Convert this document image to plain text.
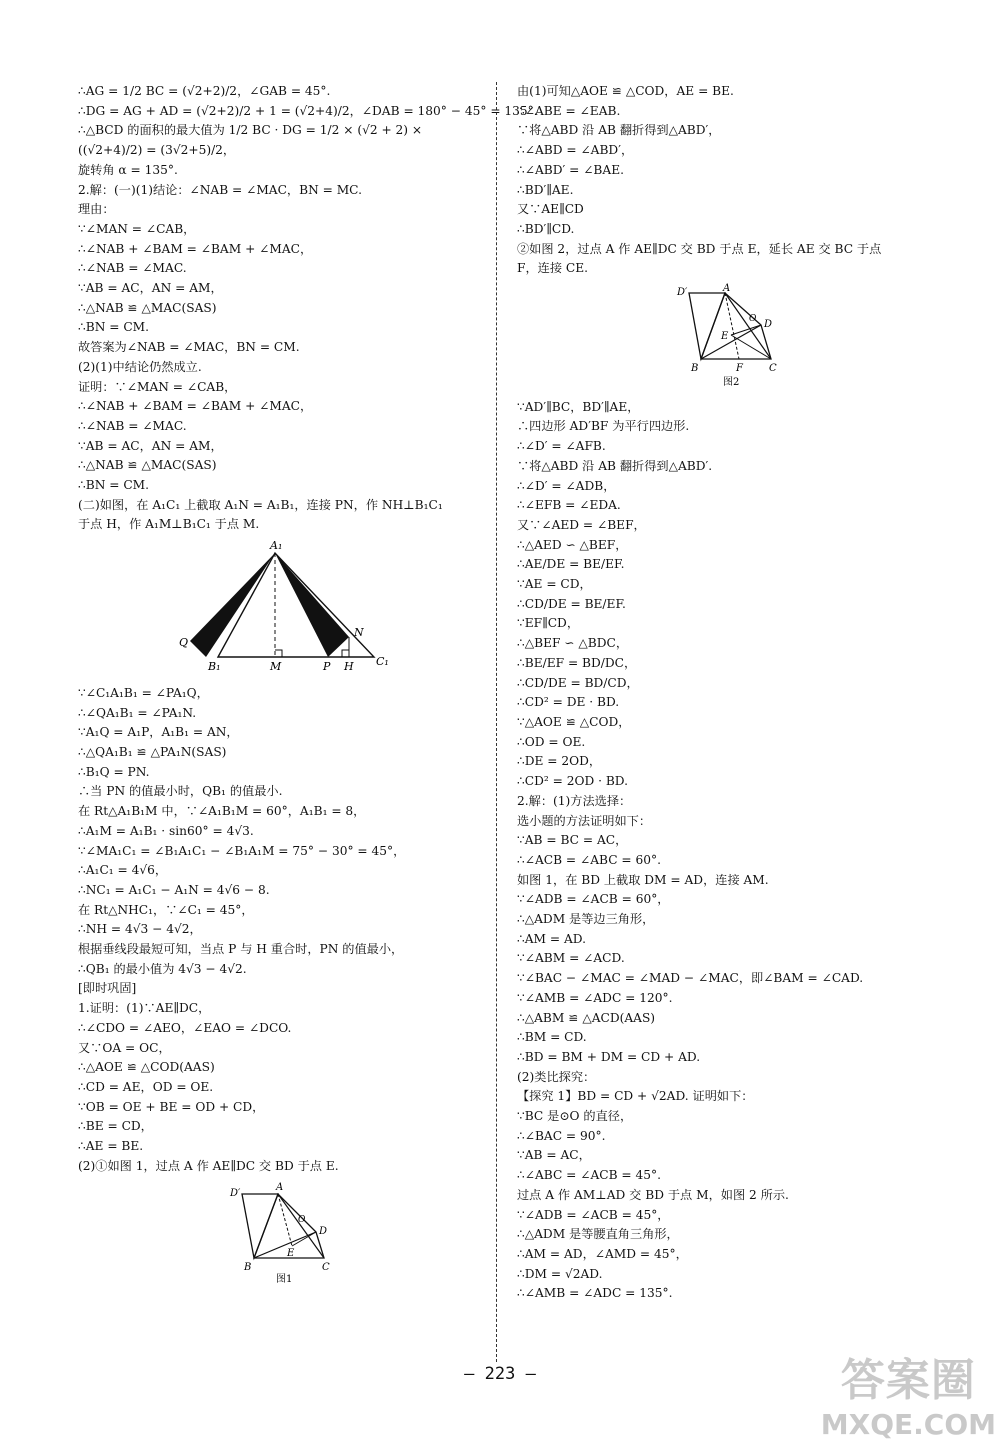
∴AG = 1/2 BC = (√2+2)/2，∠GAB = 45°.
∴DG = AG + AD = (√2+2)/2 + 1 = (√2+4)/2，∠DAB = 180° − 45° = 135°.
∴△BCD 的面积的最大值为 1/2 BC · DG = 1/2 × (√2 + 2) ×
((√2+4)/2) = (3√2+5)/2，
旋转角 α = 135°.
2.解：(一)(1)结论：∠NAB = ∠MAC，BN = MC.
理由：
∵∠MAN = ∠CAB，
∴∠NAB + ∠BAM = ∠BAM + ∠MAC，
∴∠NAB = ∠MAC.
∵AB = AC，AN = AM，
∴△NAB ≌ △MAC(SAS)
∴BN = CM.
故答案为∠NAB = ∠MAC，BN = CM.
(2)(1)中结论仍然成立.
证明：∵∠MAN = ∠CAB，
∴∠NAB + ∠BAM = ∠BAM + ∠MAC，
∴∠NAB = ∠MAC.
∵AB = AC，AN = AM，
∴△NAB ≌ △MAC(SAS)
∴BN = CM.
(二)如图，在 A₁C₁ 上截取 A₁N = A₁B₁，连接 PN，作 NH⊥B₁C₁
于点 H，作 A₁M⊥B₁C₁ 于点 M.
A₁
Q
N
B₁	M	P H C₁
∵∠C₁A₁B₁ = ∠PA₁Q，
∴∠QA₁B₁ = ∠PA₁N.
∵A₁Q = A₁P，A₁B₁ = AN，
∴△QA₁B₁ ≌ △PA₁N(SAS)
∴B₁Q = PN.
∴当 PN 的值最小时，QB₁ 的值最小.
在 Rt△A₁B₁M 中，∵∠A₁B₁M = 60°，A₁B₁ = 8，
∴A₁M = A₁B₁ · sin60° = 4√3.
∵∠MA₁C₁ = ∠B₁A₁C₁ − ∠B₁A₁M = 75° − 30° = 45°，
∴A₁C₁ = 4√6，
∴NC₁ = A₁C₁ − A₁N = 4√6 − 8.
在 Rt△NHC₁，∵∠C₁ = 45°，
∴NH = 4√3 − 4√2，
根据垂线段最短可知，当点 P 与 H 重合时，PN 的值最小，
∴QB₁ 的最小值为 4√3 − 4√2.
[即时巩固]
1.证明：(1)∵AE∥DC，
∴∠CDO = ∠AEO，∠EAO = ∠DCO.
又∵OA = OC，
∴△AOE ≌ △COD(AAS)
∴CD = AE，OD = OE.
∵OB = OE + BE = OD + CD，
∴BE = CD，
∴AE = BE.
(2)①如图 1，过点 A 作 AE∥DC 交 BD 于点 E.
D′
A
O
D
E
B	C
图1
由(1)可知△AOE ≌ △COD，AE = BE.
∴∠ABE = ∠EAB.
∵将△ABD 沿 AB 翻折得到△ABD′，
∴∠ABD = ∠ABD′，
∴∠ABD′ = ∠BAE.
∴BD′∥AE.
又∵AE∥CD
∴BD′∥CD.
②如图 2，过点 A 作 AE∥DC 交 BD 于点 E，延长 AE 交 BC 于点
F，连接 CE.
D′	A
O D
E
B	F	C
图2
∵AD′∥BC，BD′∥AE，
∴四边形 AD′BF 为平行四边形.
∴∠D′ = ∠AFB.
∵将△ABD 沿 AB 翻折得到△ABD′.
∴∠D′ = ∠ADB，
∴∠EFB = ∠EDA.
又∵∠AED = ∠BEF，
∴△AED ∽ △BEF，
∴AE/DE = BE/EF.
∵AE = CD，
∴CD/DE = BE/EF.
∵EF∥CD，
∴△BEF ∽ △BDC，
∴BE/EF = BD/DC，
∴CD/DE = BD/CD，
∴CD² = DE · BD.
∵△AOE ≌ △COD，
∴OD = OE.
∴DE = 2OD，
∴CD² = 2OD · BD.
2.解：(1)方法选择：
选小题的方法证明如下：
∵AB = BC = AC，
∴∠ACB = ∠ABC = 60°.
如图 1，在 BD 上截取 DM = AD，连接 AM.
∵∠ADB = ∠ACB = 60°，
∴△ADM 是等边三角形，
∴AM = AD.
∵∠ABM = ∠ACD.
∵∠BAC − ∠MAC = ∠MAD − ∠MAC，即∠BAM = ∠CAD.
∵∠AMB = ∠ADC = 120°.
∴△ABM ≌ △ACD(AAS)
∴BM = CD.
∴BD = BM + DM = CD + AD.
(2)类比探究：
【探究 1】BD = CD + √2AD. 证明如下：
∵BC 是⊙O 的直径，
∴∠BAC = 90°.
∵AB = AC，
∴∠ABC = ∠ACB = 45°.
过点 A 作 AM⊥AD 交 BD 于点 M，如图 2 所示.
∵∠ADB = ∠ACB = 45°，
∴△ADM 是等腰直角三角形，
∴AM = AD，∠AMD = 45°，
∴DM = √2AD.
∴∠AMB = ∠ADC = 135°.
— 223 —	答案圈
MXQE.COM
